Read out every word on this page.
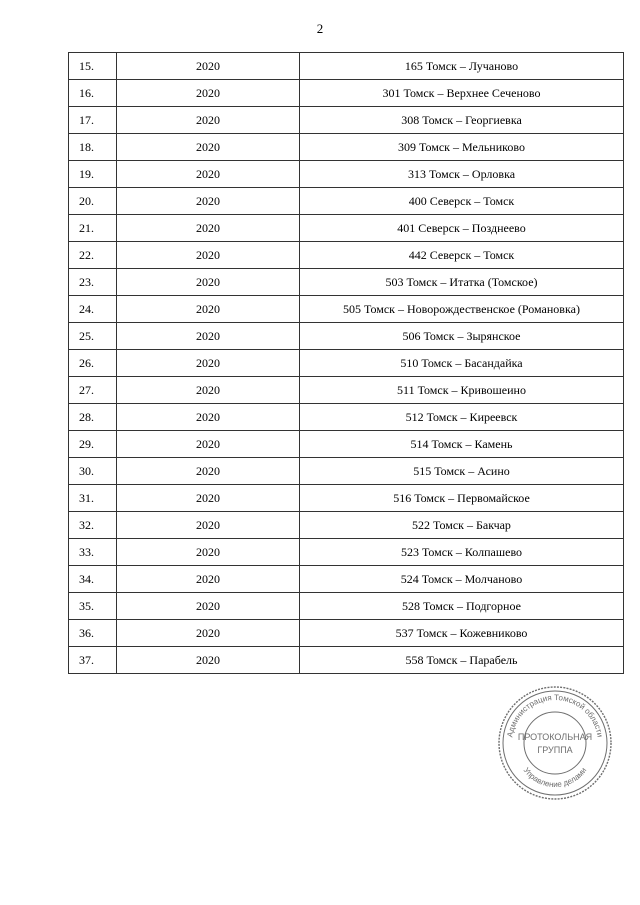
2
15.	2020	165 Томск – Лучаново
16.	2020	301 Томск – Верхнее Сеченово
17.	2020	308 Томск – Георгиевка
18.	2020	309 Томск – Мельниково
19.	2020	313 Томск – Орловка
20.	2020	400 Северск – Томск
21.	2020	401 Северск – Позднеево
22.	2020	442 Северск – Томск
23.	2020	503 Томск – Итатка (Томское)
24.	2020	505 Томск – Новорождественское (Романовка)
25.	2020	506 Томск – Зырянское
26.	2020	510 Томск – Басандайка
27.	2020	511 Томск – Кривошеино
28.	2020	512 Томск – Киреевск
29.	2020	514 Томск – Камень
30.	2020	515 Томск – Асино
31.	2020	516 Томск – Первомайское
32.	2020	522 Томск – Бакчар
33.	2020	523 Томск – Колпашево
34.	2020	524 Томск – Молчаново
35.	2020	528 Томск – Подгорное
36.	2020	537 Томск – Кожевниково
37.	2020	558 Томск – Парабель
Администрация Томской области
Управление делами
ПРОТОКОЛЬНАЯ
ГРУППА
